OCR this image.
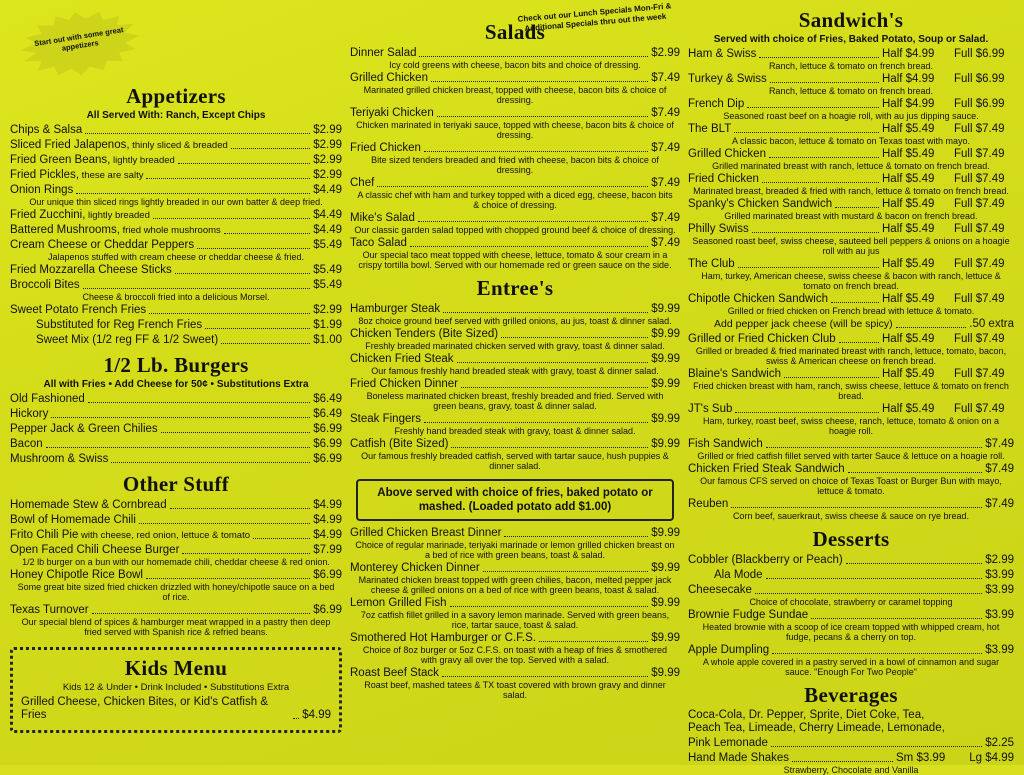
Start out with some great appetizers
Appetizers
All Served With: Ranch, Except Chips
Chips & Salsa	$2.99
Sliced Fried Jalapenos, thinly sliced & breaded	$2.99
Fried Green Beans, lightly breaded	$2.99
Fried Pickles, these are salty	$2.99
Onion Rings	$4.49
Our unique thin sliced rings lightly breaded in our own batter & deep fried.
Fried Zucchini, lightly breaded	$4.49
Battered Mushrooms, fried whole mushrooms	$4.49
Cream Cheese or Cheddar Peppers	$5.49
Jalapenos stuffed with cream cheese or cheddar cheese & fried.
Fried Mozzarella Cheese Sticks	$5.49
Broccoli Bites	$5.49
Cheese & broccoli fried into a delicious Morsel.
Sweet Potato French Fries	$2.99
Substituted for Reg French Fries	$1.99
Sweet Mix (1/2 reg FF & 1/2 Sweet)	$1.00
1/2 Lb. Burgers
All with Fries • Add Cheese for 50¢ • Substitutions Extra
Old Fashioned	$6.49
Hickory	$6.49
Pepper Jack & Green Chilies	$6.99
Bacon	$6.99
Mushroom & Swiss	$6.99
Other Stuff
Homemade Stew & Cornbread	$4.99
Bowl of Homemade Chili	$4.99
Frito Chili Pie with cheese, red onion, lettuce & tomato	$4.99
Open Faced Chili Cheese Burger	$7.99
1/2 lb burger on a bun with our homemade chili, cheddar cheese & red onion.
Honey Chipotle Rice Bowl	$6.99
Some great bite sized fried chicken drizzled with honey/chipotle sauce on a bed of rice.
Texas Turnover	$6.99
Our special blend of spices & hamburger meat wrapped in a pastry then deep fried served with Spanish rice & refried beans.
Kids Menu
Kids 12 & Under • Drink Included • Substitutions Extra
Grilled Cheese, Chicken Bites, or Kid's Catfish & Fries	$4.99
Check out our Lunch Specials Mon-Fri & Additional Specials thru out the week
Salads
Dinner Salad	$2.99
Icy cold greens with cheese, bacon bits and choice of dressing.
Grilled Chicken	$7.49
Marinated grilled chicken breast, topped with cheese, bacon bits & choice of dressing.
Teriyaki Chicken	$7.49
Chicken marinated in teriyaki sauce, topped with cheese, bacon bits & choice of dressing.
Fried Chicken	$7.49
Bite sized tenders breaded and fried with cheese, bacon bits & choice of dressing.
Chef	$7.49
A classic chef with ham and turkey topped with a diced egg, cheese, bacon bits & choice of dressing.
Mike's Salad	$7.49
Our classic garden salad topped with chopped ground beef & choice of dressing.
Taco Salad	$7.49
Our special taco meat topped with cheese, lettuce, tomato & sour cream in a crispy tortilla bowl. Served with our homemade red or green sauce on the side.
Entree's
Hamburger Steak	$9.99
8oz choice ground beef served with grilled onions, au jus, toast & dinner salad.
Chicken Tenders (Bite Sized)	$9.99
Freshly breaded marinated chicken served with gravy, toast & dinner salad.
Chicken Fried Steak	$9.99
Our famous freshly hand breaded steak with gravy, toast & dinner salad.
Fried Chicken Dinner	$9.99
Boneless marinated chicken breast, freshly breaded and fried. Served with green beans, gravy, toast & dinner salad.
Steak Fingers	$9.99
Freshly hand breaded steak with gravy, toast & dinner salad.
Catfish (Bite Sized)	$9.99
Our famous freshly breaded catfish, served with tartar sauce, hush puppies & dinner salad.
Above served with choice of fries, baked potato or mashed. (Loaded potato add $1.00)
Grilled Chicken Breast Dinner	$9.99
Choice of regular marinade, teriyaki marinade or lemon grilled chicken breast on a bed of rice with green beans, toast & salad.
Monterey Chicken Dinner	$9.99
Marinated chicken breast topped with green chilies, bacon, melted pepper jack cheese & grilled onions on a bed of rice with green beans, toast & salad.
Lemon Grilled Fish	$9.99
7oz catfish fillet grilled in a savory lemon marinade. Served with green beans, rice, tartar sauce, toast & salad.
Smothered Hot Hamburger or C.F.S.	$9.99
Choice of 8oz burger or 5oz C.F.S. on toast with a heap of fries & smothered with gravy all over the top. Served with a salad.
Roast Beef Stack	$9.99
Roast beef, mashed tatees & TX toast covered with brown gravy and dinner salad.
Sandwich's
Served with choice of Fries, Baked Potato, Soup or Salad.
Ham & Swiss	Half $4.99	Full $6.99
Ranch, lettuce & tomato on french bread.
Turkey & Swiss	Half $4.99	Full $6.99
Ranch, lettuce & tomato on french bread.
French Dip	Half $4.99	Full $6.99
Seasoned roast beef on a hoagie roll, with au jus dipping sauce.
The BLT	Half $5.49	Full $7.49
A classic bacon, lettuce & tomato on Texas toast with mayo.
Grilled Chicken	Half $5.49	Full $7.49
Grilled marinated breast with ranch, lettuce & tomato on french bread.
Fried Chicken	Half $5.49	Full $7.49
Marinated breast, breaded & fried with ranch, lettuce & tomato on french bread.
Spanky's Chicken Sandwich	Half $5.49	Full $7.49
Grilled marinated breast with mustard & bacon on french bread.
Philly Swiss	Half $5.49	Full $7.49
Seasoned roast beef, swiss cheese, sauteed bell peppers & onions on a hoagie roll with au jus
The Club	Half $5.49	Full $7.49
Ham, turkey, American cheese, swiss cheese & bacon with ranch, lettuce & tomato on french bread.
Chipotle Chicken Sandwich	Half $5.49	Full $7.49
Grilled or fried chicken on French bread with lettuce & tomato.
Add pepper jack cheese (will be spicy)	.50 extra
Grilled or Fried Chicken Club	Half $5.49	Full $7.49
Grilled or breaded & fried marinated breast with ranch, lettuce, tomato, bacon, swiss & American cheese on french bread.
Blaine's Sandwich	Half $5.49	Full $7.49
Fried chicken breast with ham, ranch, swiss cheese, lettuce & tomato on french bread.
JT's Sub	Half $5.49	Full $7.49
Ham, turkey, roast beef, swiss cheese, ranch, lettuce, tomato & onion on a hoagie roll.
Fish Sandwich	$7.49
Grilled or fried catfish fillet served with tarter Sauce & lettuce on a hoagie roll.
Chicken Fried Steak Sandwich	$7.49
Our famous CFS served on choice of Texas Toast or Burger Bun with mayo, lettuce & tomato.
Reuben	$7.49
Corn beef, sauerkraut, swiss cheese & sauce on rye bread.
Desserts
Cobbler (Blackberry or Peach)	$2.99
Ala Mode	$3.99
Cheesecake	$3.99
Choice of chocolate, strawberry or caramel topping
Brownie Fudge Sundae	$3.99
Heated brownie with a scoop of ice cream topped with whipped cream, hot fudge, pecans & a cherry on top.
Apple Dumpling	$3.99
A whole apple covered in a pastry served in a bowl of cinnamon and sugar sauce. "Enough For Two People"
Beverages
Coca-Cola, Dr. Pepper, Sprite, Diet Coke, Tea,
Peach Tea, Limeade, Cherry Limeade, Lemonade,
Pink Lemonade	$2.25
Hand Made Shakes	Sm $3.99 Lg $4.99
Strawberry, Chocolate and Vanilla
